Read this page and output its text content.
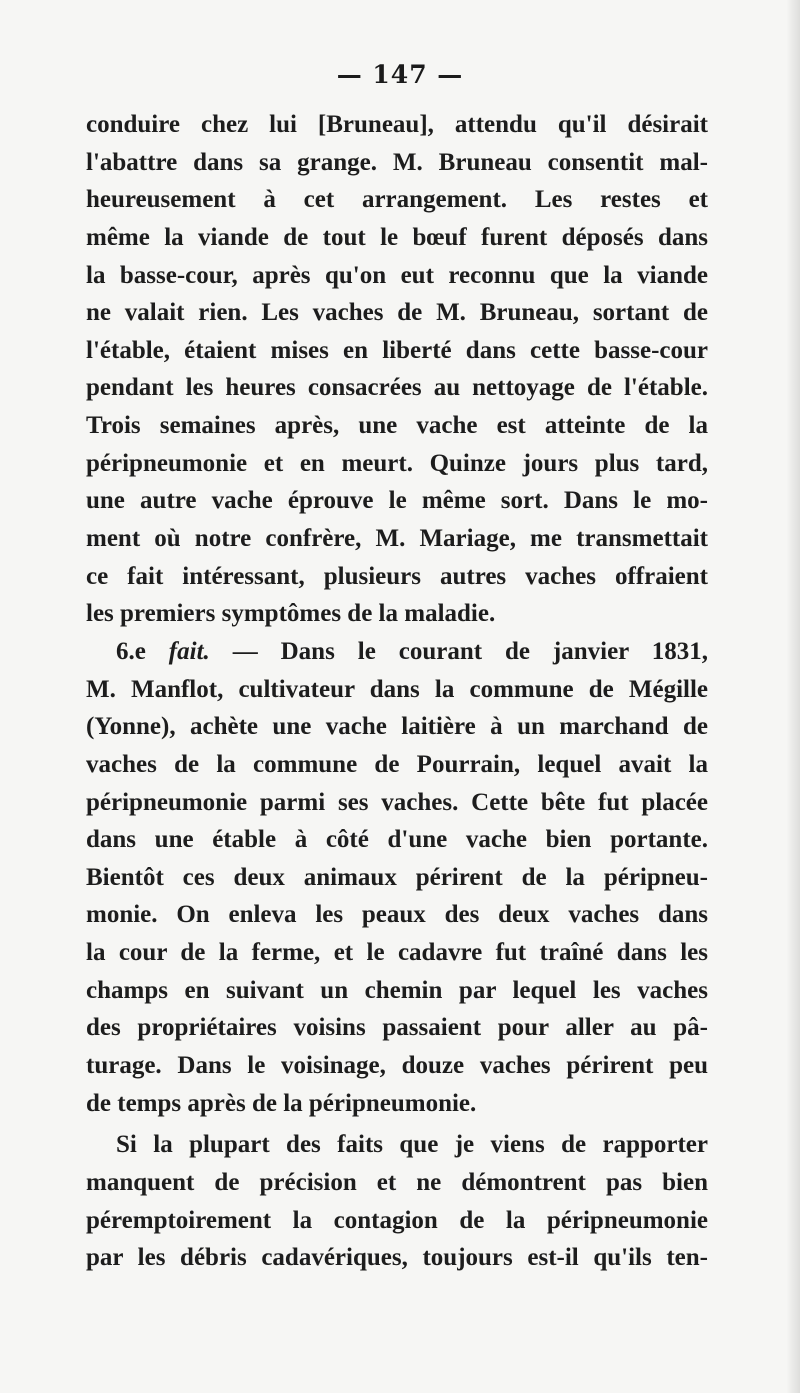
— 147 —
conduire chez lui [Bruneau], attendu qu'il désirait
l'abattre dans sa grange. M. Bruneau consentit mal-
heureusement à cet arrangement. Les restes et
même la viande de tout le bœuf furent déposés dans
la basse-cour, après qu'on eut reconnu que la viande
ne valait rien. Les vaches de M. Bruneau, sortant de
l'étable, étaient mises en liberté dans cette basse-cour
pendant les heures consacrées au nettoyage de l'étable.
Trois semaines après, une vache est atteinte de la
péripneumonie et en meurt. Quinze jours plus tard,
une autre vache éprouve le même sort. Dans le mo-
ment où notre confrère, M. Mariage, me transmettait
ce fait intéressant, plusieurs autres vaches offraient
les premiers symptômes de la maladie.
6.e fait. — Dans le courant de janvier 1831,
M. Manflot, cultivateur dans la commune de Mégille
(Yonne), achète une vache laitière à un marchand de
vaches de la commune de Pourrain, lequel avait la
péripneumonie parmi ses vaches. Cette bête fut placée
dans une étable à côté d'une vache bien portante.
Bientôt ces deux animaux périrent de la péripneu-
monie. On enleva les peaux des deux vaches dans
la cour de la ferme, et le cadavre fut traîné dans les
champs en suivant un chemin par lequel les vaches
des propriétaires voisins passaient pour aller au pâ-
turage. Dans le voisinage, douze vaches périrent peu
de temps après de la péripneumonie.
Si la plupart des faits que je viens de rapporter
manquent de précision et ne démontrent pas bien
péremptoirement la contagion de la péripneumonie
par les débris cadavériques, toujours est-il qu'ils ten-
